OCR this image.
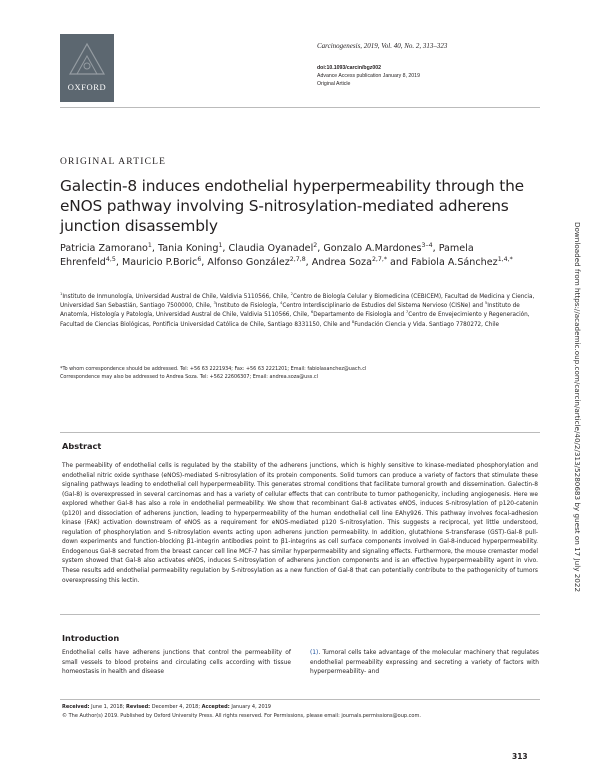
OXFORD
Carcinogenesis, 2019, Vol. 40, No. 2, 313–323
doi:10.1093/carcin/bgz002
Advance Access publication January 8, 2019
Original Article
ORIGINAL ARTICLE
Galectin-8 induces endothelial hyperpermeability through the eNOS pathway involving S-nitrosylation-mediated adherens junction disassembly
Patricia Zamorano$^1$, Tania Koning$^1$, Claudia Oyanadel$^2$, Gonzalo A.Mardones$^{3-4}$, Pamela Ehrenfeld$^{4,5}$, Mauricio P.Boric$^6$, Alfonso González$^{2,7,8}$, Andrea Soza$^{2,7,*}$ and Fabiola A.Sánchez$^{1,4,*}$
$^1$Instituto de Inmunología, Universidad Austral de Chile, Valdivia 5110566, Chile, $^2$Centro de Biología Celular y Biomedicina (CEBICEM), Facultad de Medicina y Ciencia, Universidad San Sebastián, Santiago 7500000, Chile, $^3$Instituto de Fisiología, $^4$Centro Interdisciplinario de Estudios del Sistema Nervioso (CISNe) and $^5$Instituto de Anatomía, Histología y Patología, Universidad Austral de Chile, Valdivia 5110566, Chile, $^6$Departamento de Fisiología and $^7$Centro de Envejecimiento y Regeneración, Facultad de Ciencias Biológicas, Pontificia Universidad Católica de Chile, Santiago 8331150, Chile and $^8$Fundación Ciencia y Vida. Santiago 7780272, Chile
*To whom correspondence should be addressed. Tel: +56 63 2221934; Fax: +56 63 2221201; Email: fabiolasanchez@uach.cl
Correspondence may also be addressed to Andrea Soza. Tel: +562 22606307; Email: andrea.soza@uss.cl
Abstract
The permeability of endothelial cells is regulated by the stability of the adherens junctions, which is highly sensitive to kinase-mediated phosphorylation and endothelial nitric oxide synthase (eNOS)-mediated S-nitrosylation of its protein components. Solid tumors can produce a variety of factors that stimulate these signaling pathways leading to endothelial cell hyperpermeability. This generates stromal conditions that facilitate tumoral growth and dissemination. Galectin-8 (Gal-8) is overexpressed in several carcinomas and has a variety of cellular effects that can contribute to tumor pathogenicity, including angiogenesis. Here we explored whether Gal-8 has also a role in endothelial permeability. We show that recombinant Gal-8 activates eNOS, induces S-nitrosylation of p120-catenin (p120) and dissociation of adherens junction, leading to hyperpermeability of the human endothelial cell line EAhy926. This pathway involves focal-adhesion kinase (FAK) activation downstream of eNOS as a requirement for eNOS-mediated p120 S-nitrosylation. This suggests a reciprocal, yet little understood, regulation of phosphorylation and S-nitrosylation events acting upon adherens junction permeability. In addition, glutathione S-transferase (GST)-Gal-8 pull-down experiments and function-blocking β1-integrin antibodies point to β1-integrins as cell surface components involved in Gal-8-induced hyperpermeability. Endogenous Gal-8 secreted from the breast cancer cell line MCF-7 has similar hyperpermeability and signaling effects. Furthermore, the mouse cremaster model system showed that Gal-8 also activates eNOS, induces S-nitrosylation of adherens junction components and is an effective hyperpermeability agent in vivo. These results add endothelial permeability regulation by S-nitrosylation as a new function of Gal-8 that can potentially contribute to the pathogenicity of tumors overexpressing this lectin.
Introduction
Endothelial cells have adherens junctions that control the permeability of small vessels to blood proteins and circulating cells according with tissue homeostasis in health and disease
(1). Tumoral cells take advantage of the molecular machinery that regulates endothelial permeability expressing and secreting a variety of factors with hyperpermeability- and
Received: June 1, 2018; Revised: December 4, 2018; Accepted: January 4, 2019
© The Author(s) 2019. Published by Oxford University Press. All rights reserved. For Permissions, please email: journals.permissions@oup.com.
313
Downloaded from https://academic.oup.com/carcin/article/40/2/313/5280683 by guest on 17 July 2022
